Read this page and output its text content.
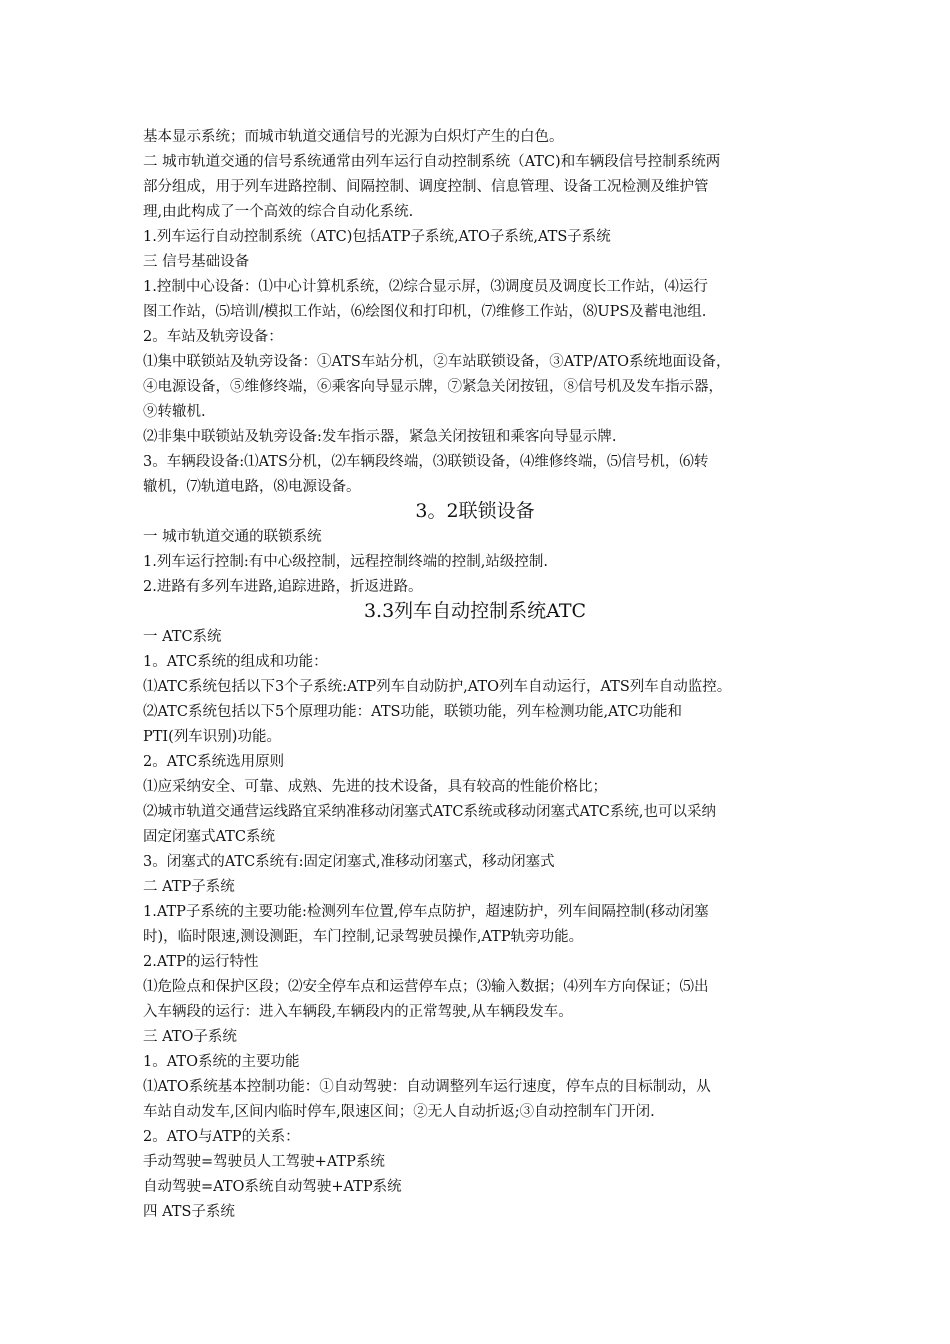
基本显示系统；而城市轨道交通信号的光源为白炽灯产生的白色。
二 城市轨道交通的信号系统通常由列车运行自动控制系统（ATC)和车辆段信号控制系统两
部分组成，用于列车进路控制、间隔控制、调度控制、信息管理、设备工况检测及维护管
理,由此构成了一个高效的综合自动化系统.
1.列车运行自动控制系统（ATC)包括ATP子系统,ATO子系统,ATS子系统
三 信号基础设备
1.控制中心设备：⑴中心计算机系统，⑵综合显示屏，⑶调度员及调度长工作站，⑷运行
图工作站，⑸培训/模拟工作站，⑹绘图仪和打印机，⑺维修工作站，⑻UPS及蓄电池组.
2。车站及轨旁设备：
⑴集中联锁站及轨旁设备：①ATS车站分机，②车站联锁设备，③ATP/ATO系统地面设备，
④电源设备，⑤维修终端，⑥乘客向导显示牌，⑦紧急关闭按钮，⑧信号机及发车指示器，
⑨转辙机.
⑵非集中联锁站及轨旁设备:发车指示器，紧急关闭按钮和乘客向导显示牌.
3。车辆段设备:⑴ATS分机，⑵车辆段终端，⑶联锁设备，⑷维修终端，⑸信号机，⑹转
辙机，⑺轨道电路，⑻电源设备。
3。2联锁设备
一 城市轨道交通的联锁系统
1.列车运行控制:有中心级控制，远程控制终端的控制,站级控制.
2.进路有多列车进路,追踪进路，折返进路。
3.3列车自动控制系统ATC
一 ATC系统
1。ATC系统的组成和功能：
⑴ATC系统包括以下3个子系统:ATP列车自动防护,ATO列车自动运行，ATS列车自动监控。
⑵ATC系统包括以下5个原理功能：ATS功能，联锁功能，列车检测功能,ATC功能和
PTI(列车识别)功能。
2。ATC系统选用原则
⑴应采纳安全、可靠、成熟、先进的技术设备，具有较高的性能价格比；
⑵城市轨道交通营运线路宜采纳准移动闭塞式ATC系统或移动闭塞式ATC系统,也可以采纳
固定闭塞式ATC系统
3。闭塞式的ATC系统有:固定闭塞式,准移动闭塞式，移动闭塞式
二 ATP子系统
1.ATP子系统的主要功能:检测列车位置,停车点防护，超速防护，列车间隔控制(移动闭塞
时)，临时限速,测设测距，车门控制,记录驾驶员操作,ATP轨旁功能。
2.ATP的运行特性
⑴危险点和保护区段；⑵安全停车点和运营停车点；⑶输入数据；⑷列车方向保证；⑸出
入车辆段的运行：进入车辆段,车辆段内的正常驾驶,从车辆段发车。
三 ATO子系统
1。ATO系统的主要功能
⑴ATO系统基本控制功能：①自动驾驶：自动调整列车运行速度，停车点的目标制动，从
车站自动发车,区间内临时停车,限速区间；②无人自动折返;③自动控制车门开闭.
2。ATO与ATP的关系：
手动驾驶=驾驶员人工驾驶+ATP系统
自动驾驶=ATO系统自动驾驶+ATP系统
四 ATS子系统
